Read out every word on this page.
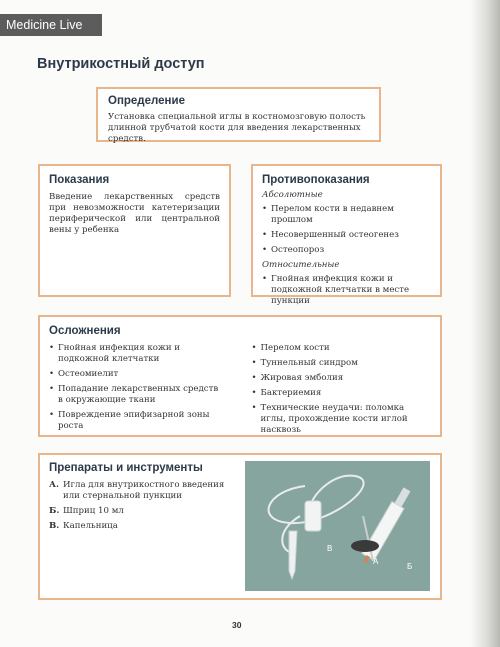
Medicine Live
Внутрикостный доступ
Определение
Установка специальной иглы в костномозговую полость длинной трубчатой кости для введения лекарственных средств.
Показания
Введение лекарственных средств при невозможности катетеризации периферической или центральной вены у ребенка
Противопоказания
Абсолютные
• Перелом кости в недавнем прошлом
• Несовершенный остеогенез
• Остеопороз
Относительные
• Гнойная инфекция кожи и подкожной клетчатки в месте пункции
Осложнения
• Гнойная инфекция кожи и подкожной клетчатки
• Остеомиелит
• Попадание лекарственных средств в окружающие ткани
• Повреждение эпифизарной зоны роста
• Перелом кости
• Туннельный синдром
• Жировая эмболия
• Бактериемия
• Технические неудачи: поломка иглы, прохождение кости иглой насквозь
Препараты и инструменты
А. Игла для внутрикостного введения или стернальной пункции
Б. Шприц 10 мл
В. Капельница
В
А
Б
30
